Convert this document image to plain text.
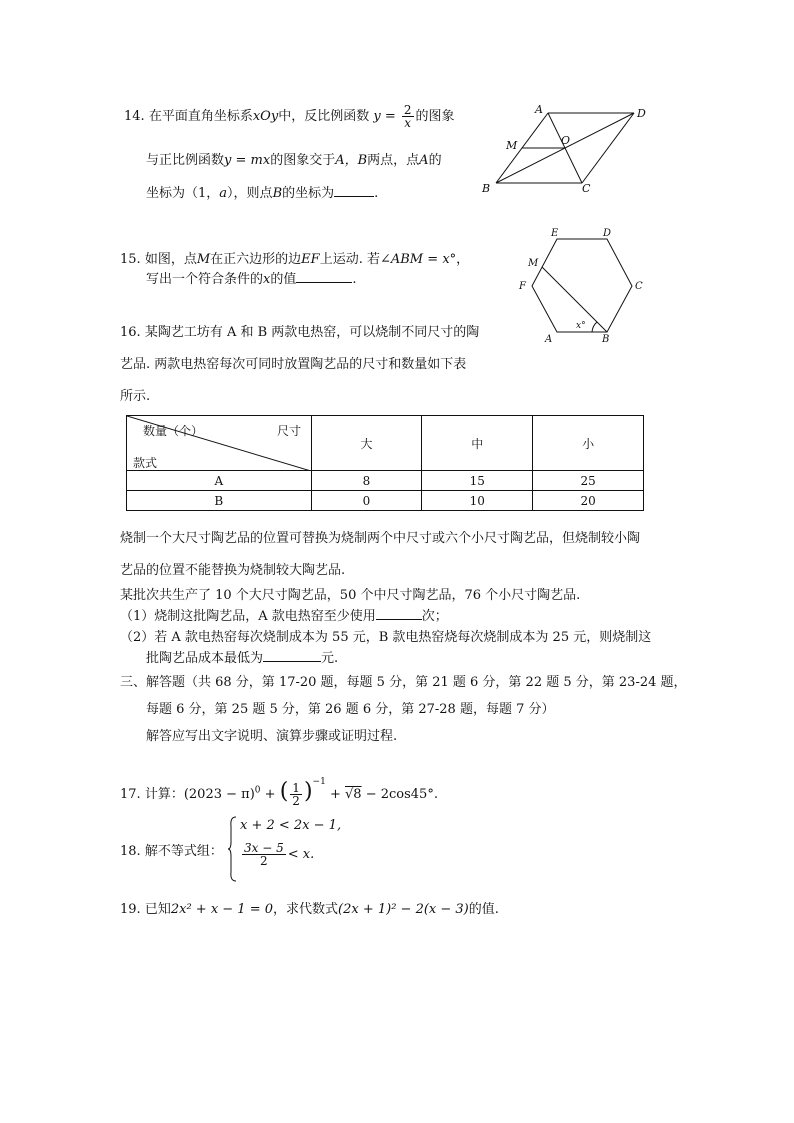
14. 在平面直角坐标系xOy中，反比例函数 $y = \frac{2}{x}$ 的图象
与正比例函数y = mx的图象交于A，B两点，点A的
坐标为（1，a），则点B的坐标为	.
A	D
M	O
B	C
15. 如图，点M在正六边形的边EF上运动. 若∠ABM = x°，
写出一个符合条件的x的值	.
E	D
M
F	C
A	B
x°
16. 某陶艺工坊有 A 和 B 两款电热窑，可以烧制不同尺寸的陶
艺品. 两款电热窑每次可同时放置陶艺品的尺寸和数量如下表
所示.
数量（个） 尺寸
款式	大	中	小
A	8	15	25
B	0	10	20
烧制一个大尺寸陶艺品的位置可替换为烧制两个中尺寸或六个小尺寸陶艺品，但烧制较小陶
艺品的位置不能替换为烧制较大陶艺品.
某批次共生产了 10 个大尺寸陶艺品，50 个中尺寸陶艺品，76 个小尺寸陶艺品.
（1）烧制这批陶艺品，A 款电热窑至少使用	次；
（2）若 A 款电热窑每次烧制成本为 55 元，B 款电热窑烧每次烧制成本为 25 元，则烧制这
批陶艺品成本最低为	元.
三、解答题（共 68 分，第 17-20 题，每题 5 分，第 21 题 6 分，第 22 题 5 分，第 23-24 题，
每题 6 分，第 25 题 5 分，第 26 题 6 分，第 27-28 题，每题 7 分）
解答应写出文字说明、演算步骤或证明过程.
17. 计算：$(2023 - \pi)^0$ + ( $\frac{1}{2} )^{-1} + √8 - 2\cos 45^\circ$.
18. 解不等式组：
x + 2 < 2x − 1,
$\frac{3x - 5}{2} < x$.
19. 已知2x² + x − 1 = 0，求代数式(2x + 1)² − 2(x − 3)的值.
